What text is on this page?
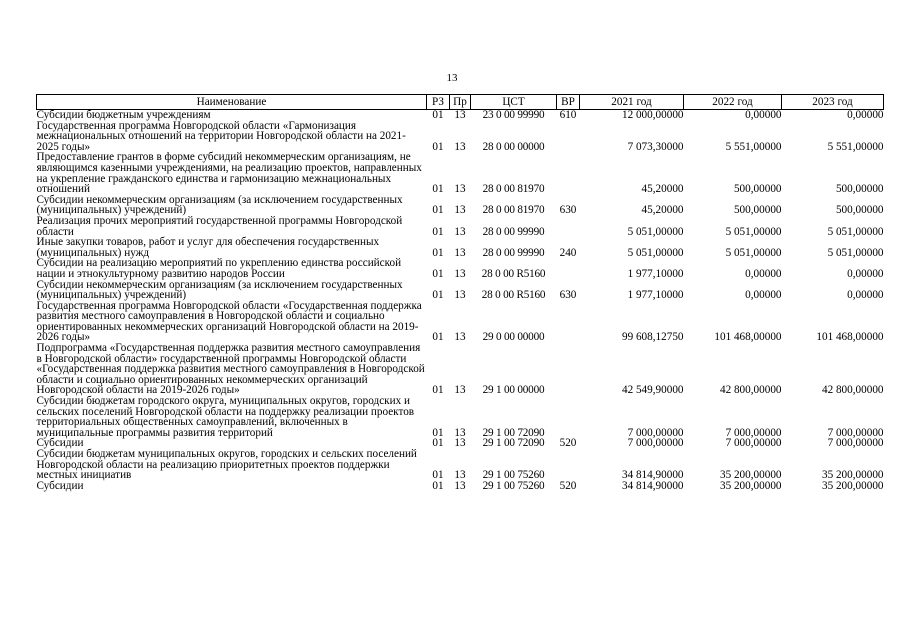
13
Наименование	РЗ	Пр	ЦСТ	ВР	2021 год	2022 год	2023 год
Субсидии бюджетным учреждениям	01	13	23 0 00 99990	610	12 000,00000	0,00000	0,00000
Государственная программа Новгородской области «Гармонизация межнациональных отношений на территории Новгородской области на 2021-2025 годы»	01	13	28 0 00 00000		7 073,30000	5 551,00000	5 551,00000
Предоставление грантов в форме субсидий некоммерческим организациям, не являющимся казенными учреждениями, на реализацию проектов, направленных на укрепление гражданского единства и гармонизацию межнациональных отношений	01	13	28 0 00 81970		45,20000	500,00000	500,00000
Субсидии некоммерческим организациям (за исключением государственных (муниципальных) учреждений)	01	13	28 0 00 81970	630	45,20000	500,00000	500,00000
Реализация прочих мероприятий государственной программы Новгородской области	01	13	28 0 00 99990		5 051,00000	5 051,00000	5 051,00000
Иные закупки товаров, работ и услуг для обеспечения государственных (муниципальных) нужд	01	13	28 0 00 99990	240	5 051,00000	5 051,00000	5 051,00000
Субсидии на реализацию мероприятий по укреплению единства российской нации и этнокультурному развитию народов России	01	13	28 0 00 R5160		1 977,10000	0,00000	0,00000
Субсидии некоммерческим организациям (за исключением государственных (муниципальных) учреждений)	01	13	28 0 00 R5160	630	1 977,10000	0,00000	0,00000
Государственная программа Новгородской области «Государственная поддержка развития местного самоуправления в Новгородской области и социально ориентированных некоммерческих организаций Новгородской области на 2019-2026 годы»	01	13	29 0 00 00000		99 608,12750	101 468,00000	101 468,00000
Подпрограмма «Государственная поддержка развития местного самоуправления в Новгородской области» государственной программы Новгородской области «Государственная поддержка развития местного самоуправления в Новгородской области и социально ориентированных некоммерческих организаций Новгородской области на 2019-2026 годы»	01	13	29 1 00 00000		42 549,90000	42 800,00000	42 800,00000
Субсидии бюджетам городского округа, муниципальных округов, городских и сельских поселений Новгородской области на поддержку реализации проектов территориальных общественных самоуправлений, включенных в муниципальные программы развития территорий	01	13	29 1 00 72090		7 000,00000	7 000,00000	7 000,00000
Субсидии	01	13	29 1 00 72090	520	7 000,00000	7 000,00000	7 000,00000
Субсидии бюджетам муниципальных округов, городских и сельских поселений Новгородской области на реализацию приоритетных проектов поддержки местных инициатив	01	13	29 1 00 75260		34 814,90000	35 200,00000	35 200,00000
Субсидии	01	13	29 1 00 75260	520	34 814,90000	35 200,00000	35 200,00000
